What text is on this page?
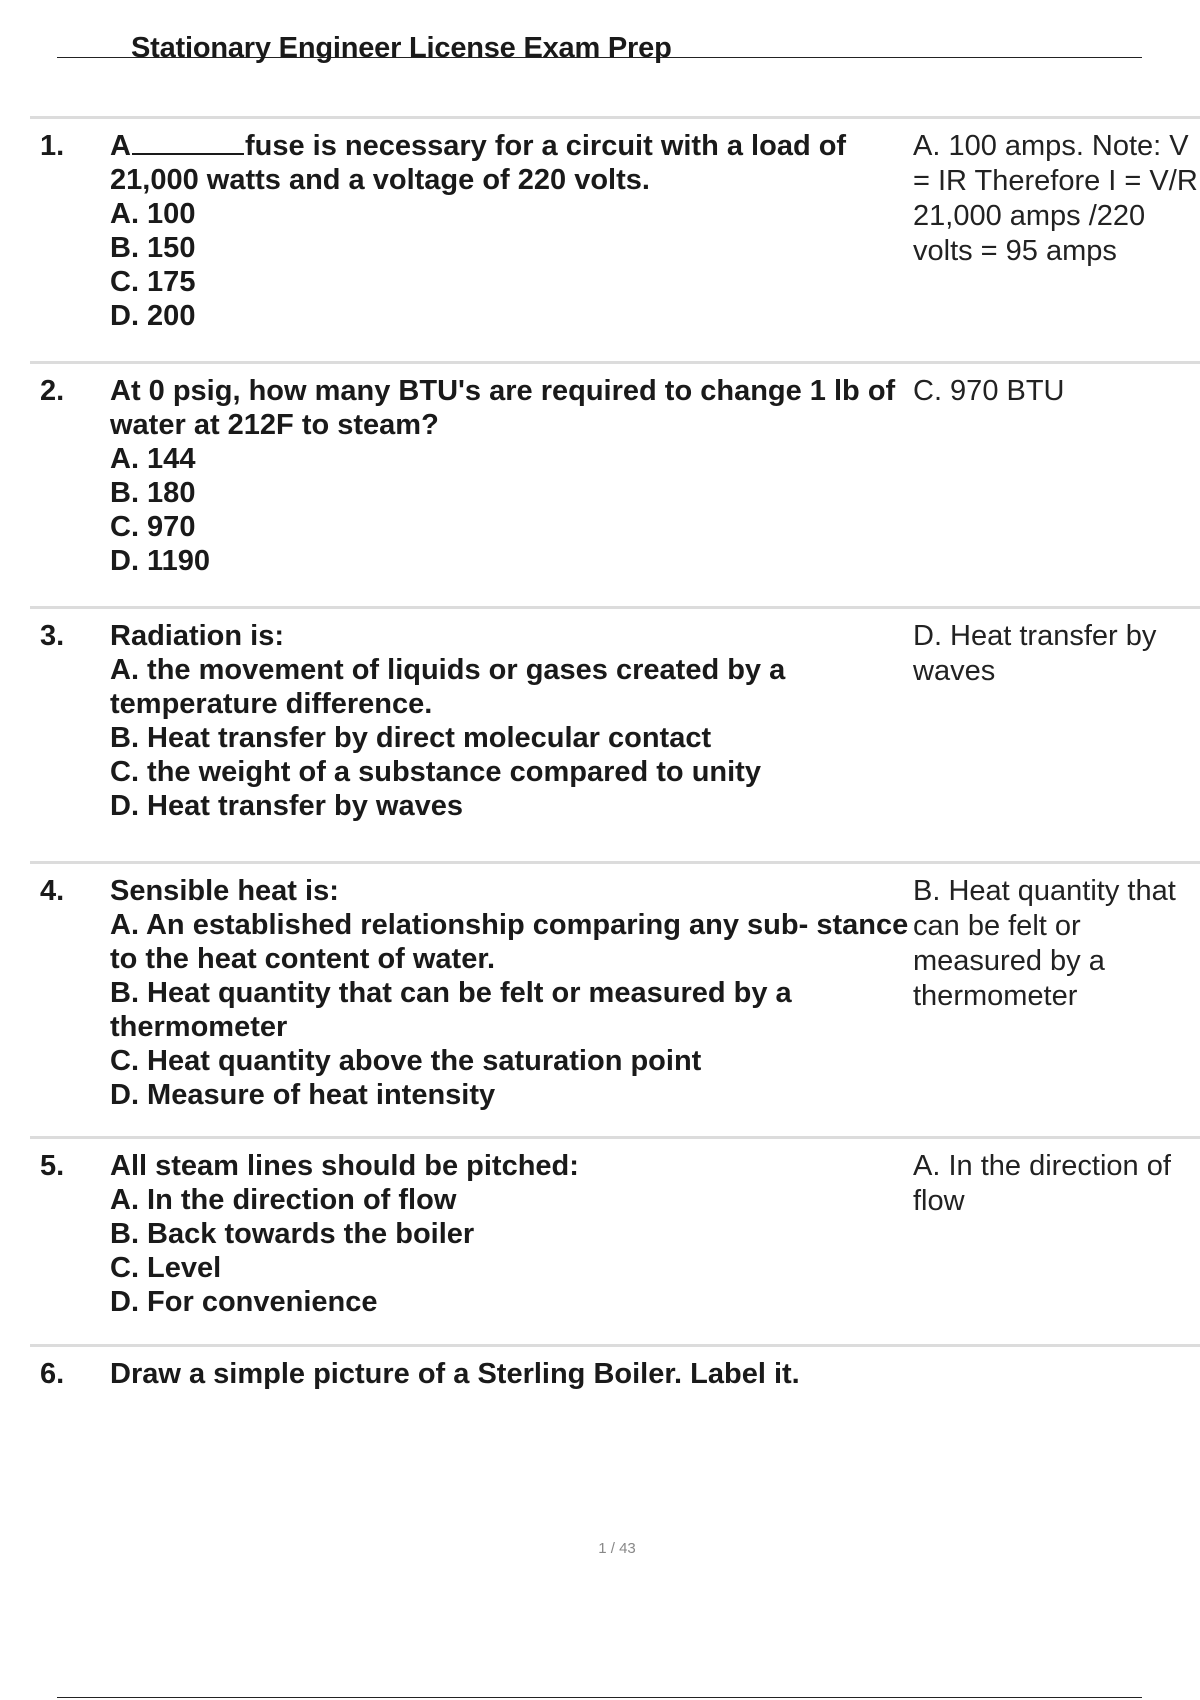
Stationary Engineer License Exam Prep
1. A	fuse is necessary for a circuit with a load of 21,000 watts and a voltage of 220 volts.
A. 100
B. 150
C. 175
D. 200
A. 100 amps. Note: V = IR Therefore I = V/R 21,000 amps /220 volts = 95 amps
2. At 0 psig, how many BTU's are required to change 1 lb of water at 212F to steam?
A. 144
B. 180
C. 970
D. 1190
C. 970 BTU
3. Radiation is:
A. the movement of liquids or gases created by a temperature difference.
B. Heat transfer by direct molecular contact
C. the weight of a substance compared to unity
D. Heat transfer by waves
D. Heat transfer by waves
4. Sensible heat is:
A. An established relationship comparing any sub- stance to the heat content of water.
B. Heat quantity that can be felt or measured by a thermometer
C. Heat quantity above the saturation point
D. Measure of heat intensity
B. Heat quantity that can be felt or measured by a thermometer
5. All steam lines should be pitched:
A. In the direction of flow
B. Back towards the boiler
C. Level
D. For convenience
A. In the direction of flow
6. Draw a simple picture of a Sterling Boiler. Label it.
1 / 43
